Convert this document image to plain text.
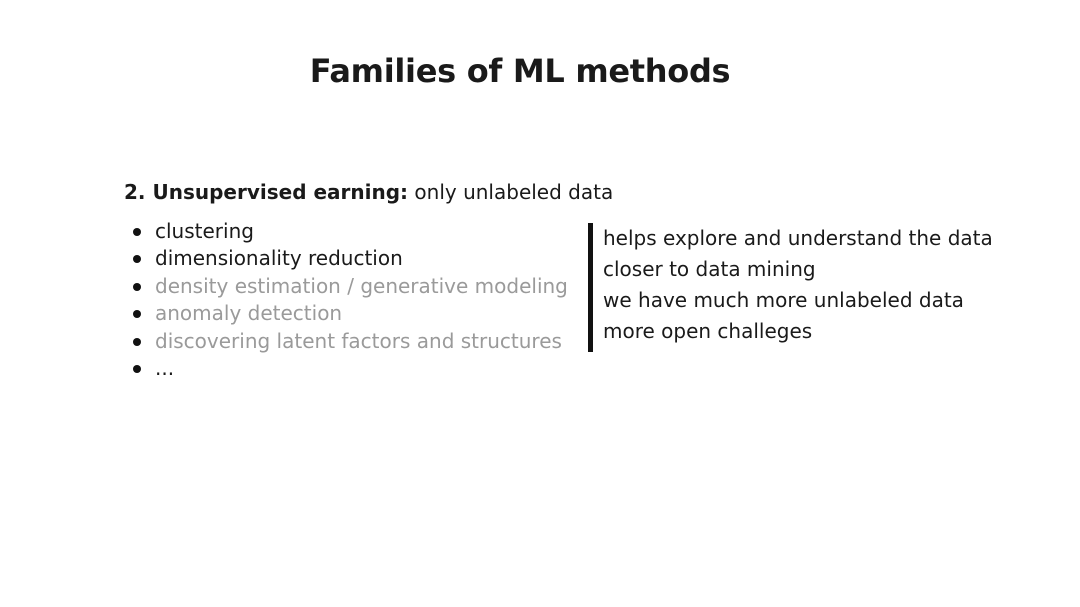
Families of ML methods

2. Unsupervised earning: only unlabeled data

clustering
dimensionality reduction
density estimation / generative modeling
anomaly detection
discovering latent factors and structures
...
helps explore and understand the data
closer to data mining
we have much more unlabeled data
more open challeges
